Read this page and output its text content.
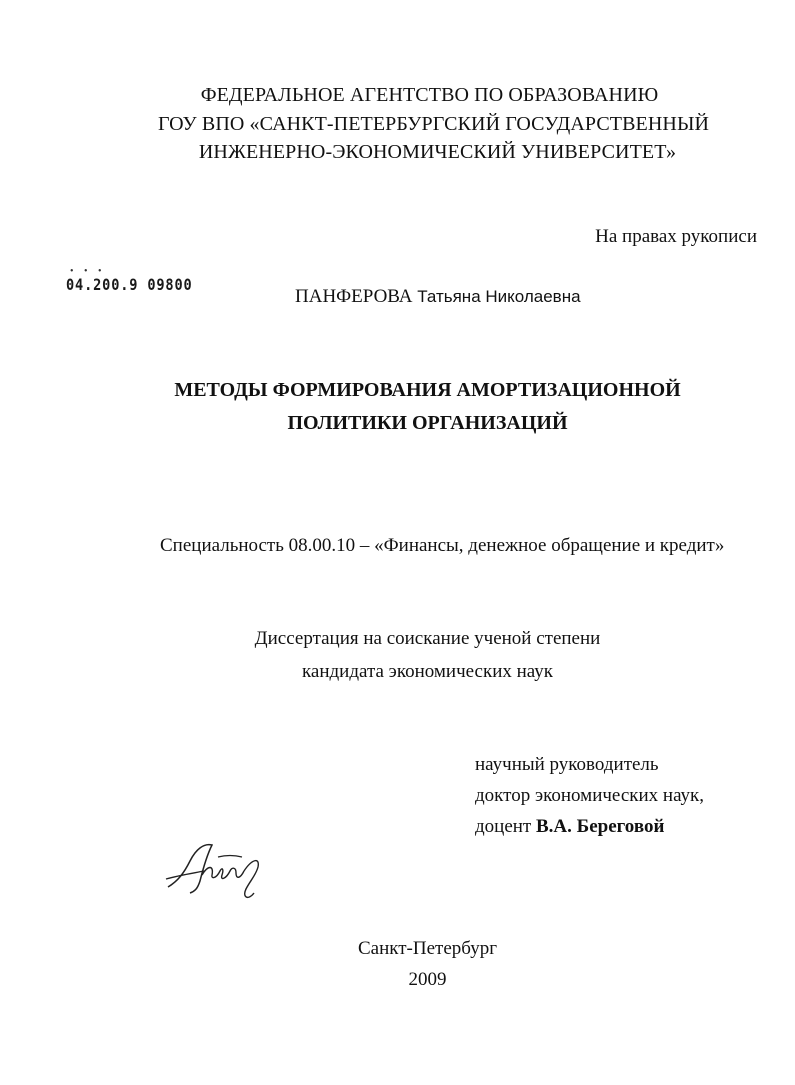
ФЕДЕРАЛЬНОЕ АГЕНТСТВО ПО ОБРАЗОВАНИЮ
ГОУ ВПО «САНКТ-ПЕТЕРБУРГСКИЙ ГОСУДАРСТВЕННЫЙ
ИНЖЕНЕРНО-ЭКОНОМИЧЕСКИЙ УНИВЕРСИТЕТ»
На правах рукописи
• • •
04.200.9 09800
ПАНФЕРОВА Татьяна Николаевна
МЕТОДЫ ФОРМИРОВАНИЯ АМОРТИЗАЦИОННОЙ
ПОЛИТИКИ ОРГАНИЗАЦИЙ
Специальность 08.00.10 – «Финансы, денежное обращение и кредит»
Диссертация на соискание ученой степени
кандидата экономических наук
научный руководитель
доктор экономических наук,
доцент В.А. Береговой
Санкт-Петербург
2009
